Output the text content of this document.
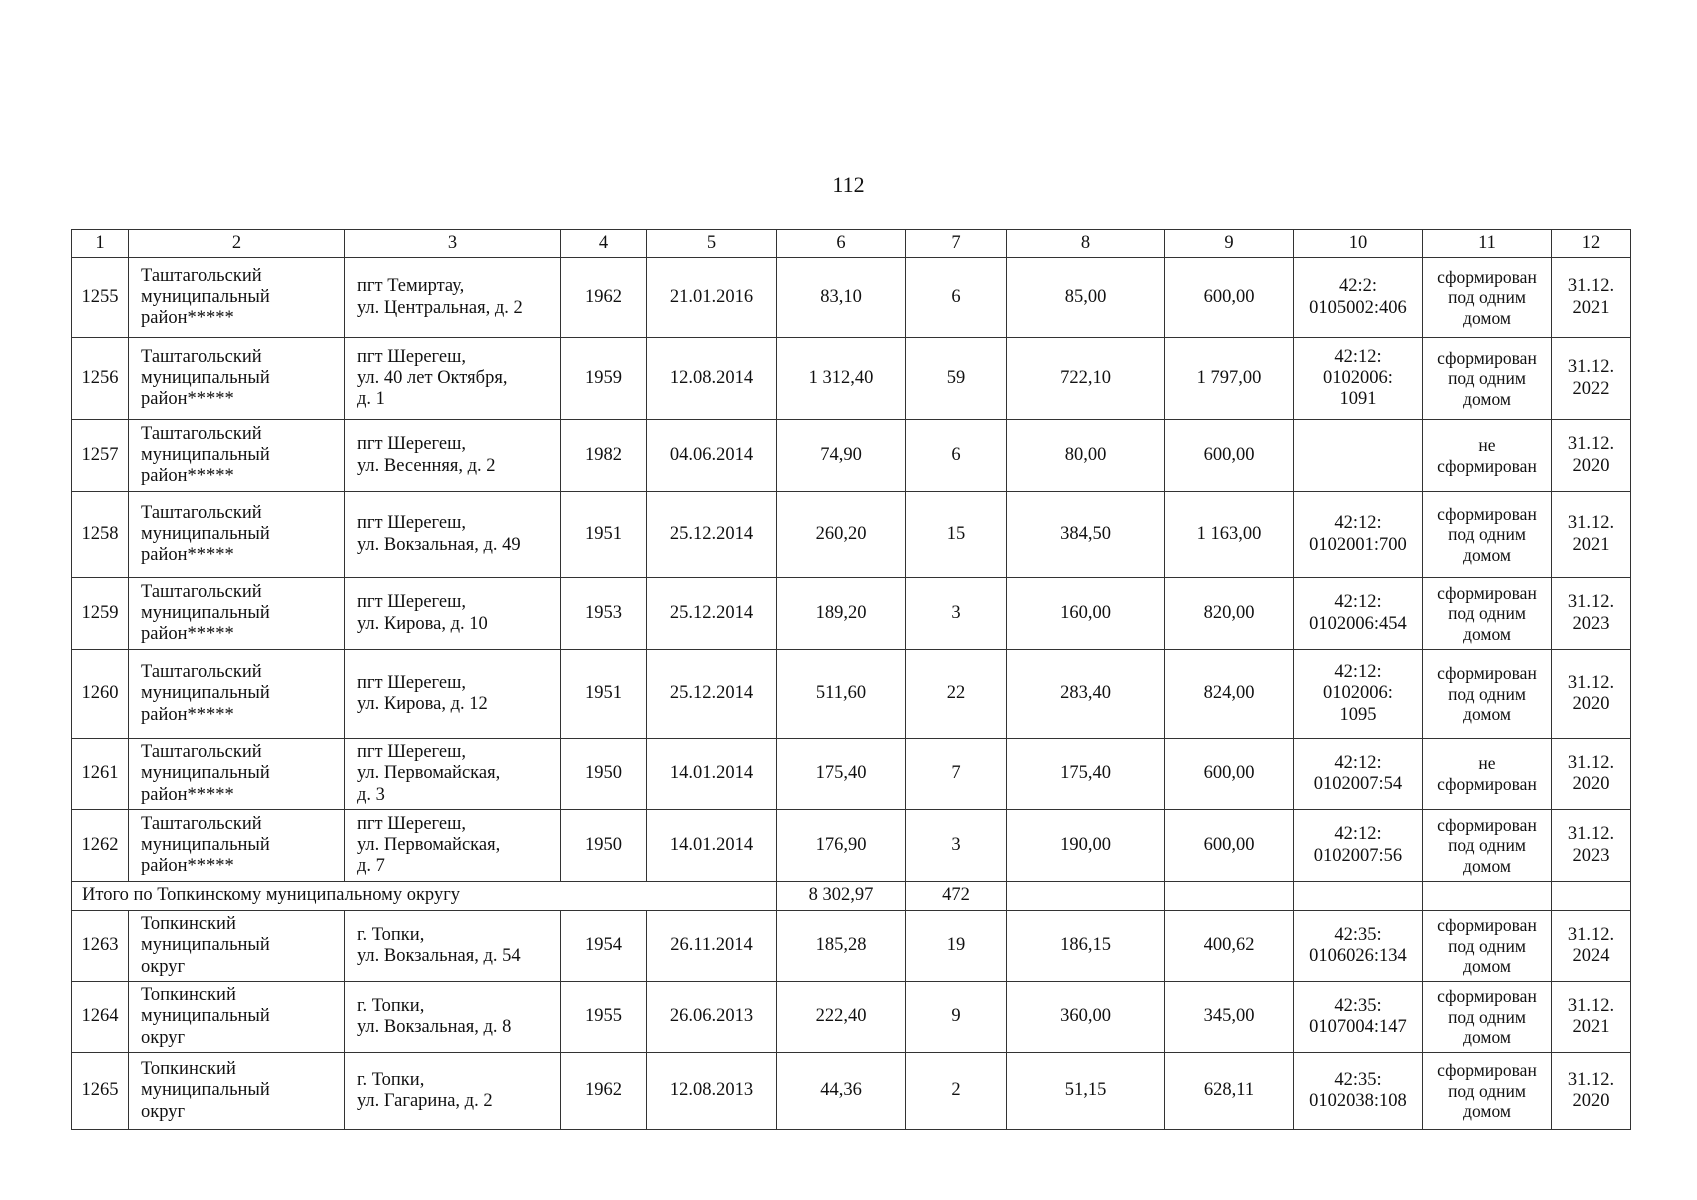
112
1	2	3	4	5	6	7	8	9	10	11	12
1255	Таштагольский
муниципальный
район*****	пгт Темиртау,
ул. Центральная, д. 2	1962	21.01.2016	83,10	6	85,00	600,00	42:2:
0105002:406	сформирован
под одним
домом	31.12.
2021

1256	Таштагольский
муниципальный
район*****	пгт Шерегеш,
ул. 40 лет Октября,
д. 1	1959	12.08.2014	1 312,40	59	722,10	1 797,00	42:12:
0102006:
1091	сформирован
под одним
домом	31.12.
2022

1257	Таштагольский
муниципальный
район*****	пгт Шерегеш,
ул. Весенняя, д. 2	1982	04.06.2014	74,90	6	80,00	600,00		не
сформирован	31.12.
2020

1258	Таштагольский
муниципальный
район*****	пгт Шерегеш,
ул. Вокзальная, д. 49	1951	25.12.2014	260,20	15	384,50	1 163,00	42:12:
0102001:700	сформирован
под одним
домом	31.12.
2021

1259	Таштагольский
муниципальный
район*****	пгт Шерегеш,
ул. Кирова, д. 10	1953	25.12.2014	189,20	3	160,00	820,00	42:12:
0102006:454	сформирован
под одним
домом	31.12.
2023

1260	Таштагольский
муниципальный
район*****	пгт Шерегеш,
ул. Кирова, д. 12	1951	25.12.2014	511,60	22	283,40	824,00	42:12:
0102006:
1095	сформирован
под одним
домом	31.12.
2020

1261	Таштагольский
муниципальный
район*****	пгт Шерегеш,
ул. Первомайская,
д. 3	1950	14.01.2014	175,40	7	175,40	600,00	42:12:
0102007:54	не
сформирован	31.12.
2020

1262	Таштагольский
муниципальный
район*****	пгт Шерегеш,
ул. Первомайская,
д. 7	1950	14.01.2014	176,90	3	190,00	600,00	42:12:
0102007:56	сформирован
под одним
домом	31.12.
2023

Итого по Топкинскому муниципальному округу					8 302,97	472					
1263	Топкинский
муниципальный
округ	г. Топки,
ул. Вокзальная, д. 54	1954	26.11.2014	185,28	19	186,15	400,62	42:35:
0106026:134	сформирован
под одним
домом	31.12.
2024

1264	Топкинский
муниципальный
округ	г. Топки,
ул. Вокзальная, д. 8	1955	26.06.2013	222,40	9	360,00	345,00	42:35:
0107004:147	сформирован
под одним
домом	31.12.
2021

1265	Топкинский
муниципальный
округ	г. Топки,
ул. Гагарина, д. 2	1962	12.08.2013	44,36	2	51,15	628,11	42:35:
0102038:108	сформирован
под одним
домом	31.12.
2020
